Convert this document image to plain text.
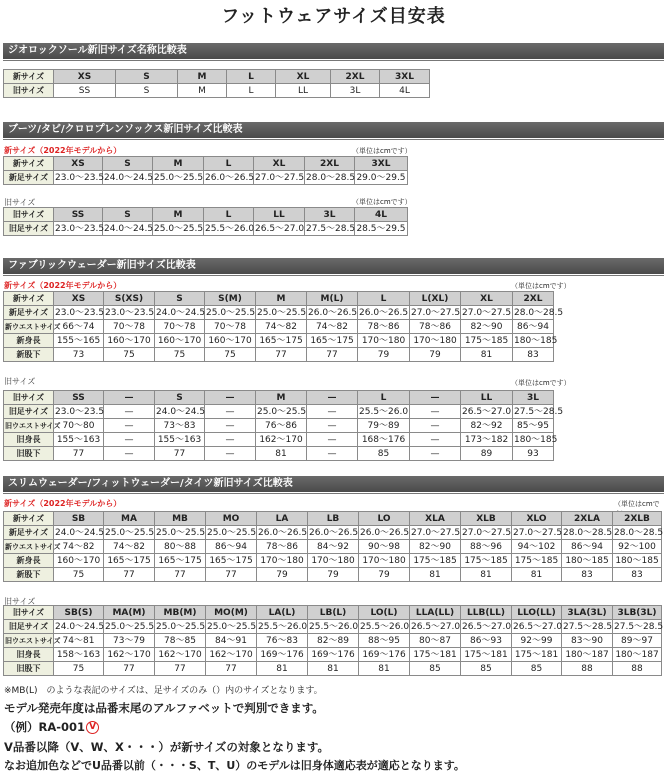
フットウェアサイズ目安表
ジオロックソール新旧サイズ名称比較表
新サイズ	XS	S	M	L	XL	2XL	3XL
旧サイズ	SS	S	M	L	LL	3L	4L
ブーツ/タビ/クロロプレンソックス新旧サイズ比較表
新サイズ（2022年モデルから）	（単位はcmです）
新サイズ	XS	S	M	L	XL	2XL	3XL
新足サイズ	23.0～23.5	24.0～24.5	25.0～25.5	26.0～26.5	27.0～27.5	28.0～28.5	29.0～29.5
旧サイズ	（単位はcmです）
旧サイズ	SS	S	M	L	LL	3L	4L
旧足サイズ	23.0～23.5	24.0～24.5	25.0～25.5	25.5～26.0	26.5～27.0	27.5～28.5	28.5～29.5
ファブリックウェーダー新旧サイズ比較表
新サイズ（2022年モデルから）	（単位はcmです）
新サイズ	XS	S(XS)	S	S(M)	M	M(L)	L	L(XL)	XL	2XL
新足サイズ	23.0～23.5	23.0～23.5	24.0～24.5	25.0～25.5	25.0～25.5	26.0～26.5	26.0～26.5	27.0～27.5	27.0～27.5	28.0～28.5
新ウエストサイズ	66～74	70～78	70～78	70～78	74～82	74～82	78～86	78～86	82～90	86～94
新身長	155～165	160～170	160～170	160～170	165～175	165～175	170～180	170～180	175～185	180～185
新股下	73	75	75	75	77	77	79	79	81	83
旧サイズ	（単位はcmです）
旧サイズ	SS	—	S	—	M	—	L	—	LL	3L
旧足サイズ	23.0～23.5	—	24.0～24.5	—	25.0～25.5	—	25.5～26.0	—	26.5～27.0	27.5～28.5
旧ウエストサイズ	70～80	—	73～83	—	76～86	—	79～89	—	82～92	85～95
旧身長	155～163	—	155～163	—	162～170	—	168～176	—	173～182	180～185
旧股下	77	—	77	—	81	—	85	—	89	93
スリムウェーダー/フィットウェーダー/タイツ新旧サイズ比較表
新サイズ（2022年モデルから）	（単位はcmで
新サイズ	SB	MA	MB	MO	LA	LB	LO	XLA	XLB	XLO	2XLA	2XLB
新足サイズ	24.0～24.5	25.0～25.5	25.0～25.5	25.0～25.5	26.0～26.5	26.0～26.5	26.0～26.5	27.0～27.5	27.0～27.5	27.0～27.5	28.0～28.5	28.0～28.5
新ウエストサイズ	74～82	74～82	80～88	86～94	78～86	84～92	90～98	82～90	88～96	94～102	86～94	92～100
新身長	160～170	165～175	165～175	165～175	170～180	170～180	170～180	175～185	175～185	175～185	180～185	180～185
新股下	75	77	77	77	79	79	79	81	81	81	83	83
旧サイズ
旧サイズ	SB(S)	MA(M)	MB(M)	MO(M)	LA(L)	LB(L)	LO(L)	LLA(LL)	LLB(LL)	LLO(LL)	3LA(3L)	3LB(3L)
旧足サイズ	24.0～24.5	25.0～25.5	25.0～25.5	25.0～25.5	25.5～26.0	25.5～26.0	25.5～26.0	26.5～27.0	26.5～27.0	26.5～27.0	27.5～28.5	27.5～28.5
旧ウエストサイズ	74～81	73～79	78～85	84～91	76～83	82～89	88～95	80～87	86～93	92～99	83～90	89～97
旧身長	158～163	162～170	162～170	162～170	169～176	169～176	169～176	175～181	175～181	175～181	180～187	180～187
旧股下	75	77	77	77	81	81	81	85	85	85	88	88
※MB(L)　のような表記のサイズは、足サイズのみ（）内のサイズとなります。
モデル発売年度は品番末尾のアルファベットで判別できます。
（例）RA-001 V
V品番以降（V、W、X・・・）が新サイズの対象となります。
なお追加色などでU品番以前（・・・S、T、U）のモデルは旧身体適応表が適応となります。
